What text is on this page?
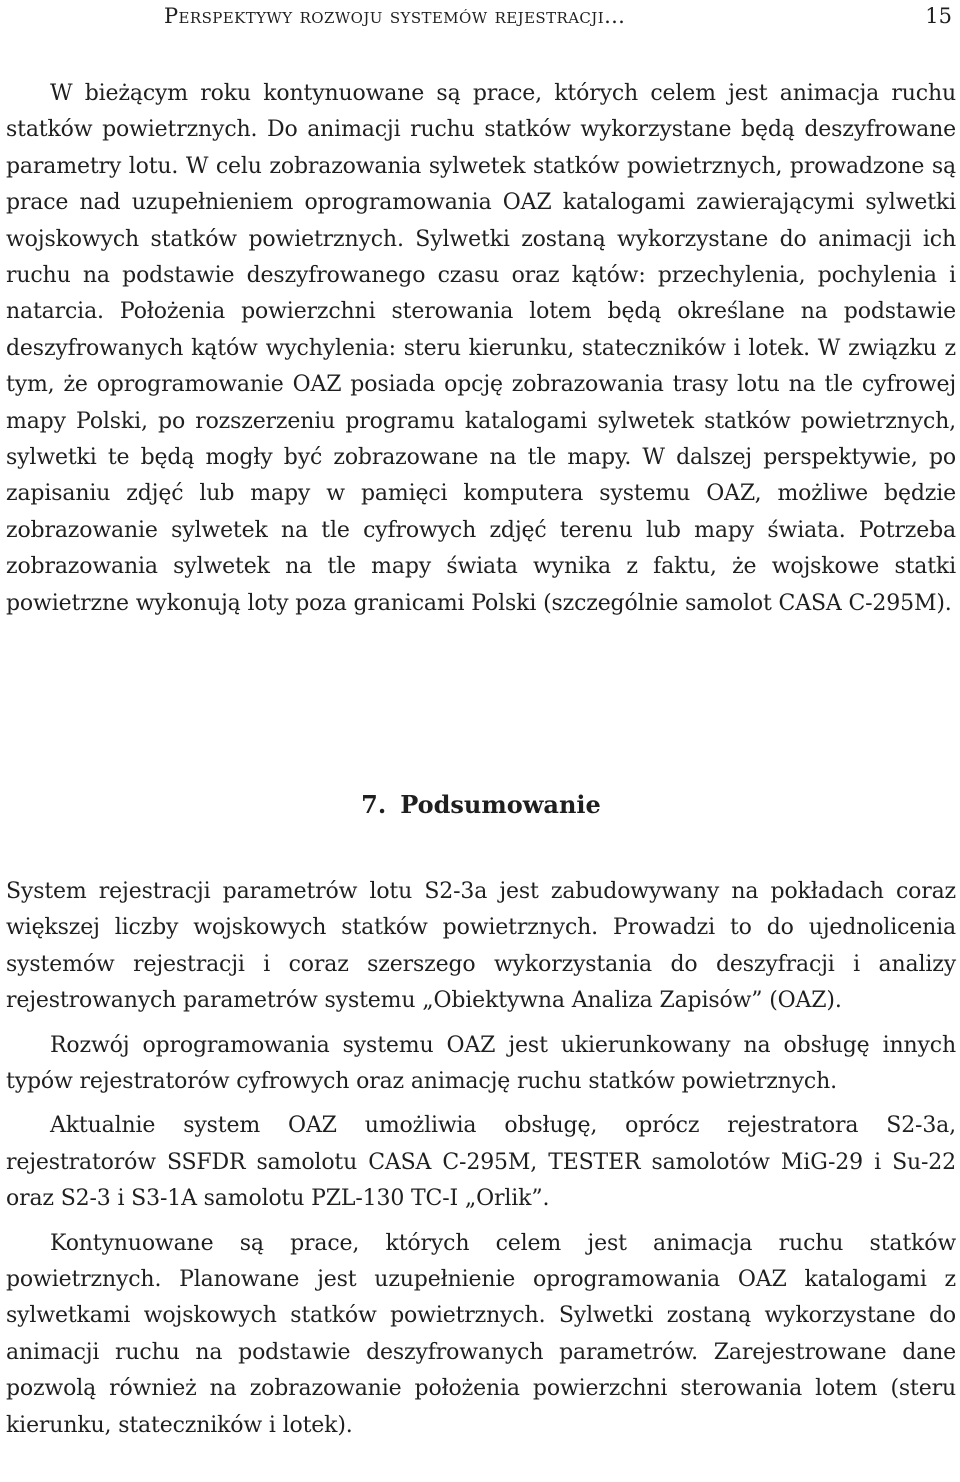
Perspektywy rozwoju systemów rejestracji…	15

W bieżącym roku kontynuowane są prace, których celem jest animacja ruchu statków powietrznych. Do animacji ruchu statków wykorzystane będą deszyfrowane parametry lotu. W celu zobrazowania sylwetek statków powietrznych, prowadzone są prace nad uzupełnieniem oprogramowania OAZ katalogami zawierającymi sylwetki wojskowych statków powietrznych. Sylwetki zostaną wykorzystane do animacji ich ruchu na podstawie deszyfrowanego czasu oraz kątów: przechylenia, pochylenia i natarcia. Położenia powierzchni sterowania lotem będą określane na podstawie deszyfrowanych kątów wychylenia: steru kierunku, stateczników i lotek. W związku z tym, że oprogramowanie OAZ posiada opcję zobrazowania trasy lotu na tle cyfrowej mapy Polski, po rozszerzeniu programu katalogami sylwetek statków powietrznych, sylwetki te będą mogły być zobrazowane na tle mapy. W dalszej perspektywie, po zapisaniu zdjęć lub mapy w pamięci komputera systemu OAZ, możliwe będzie zobrazowanie sylwetek na tle cyfrowych zdjęć terenu lub mapy świata. Potrzeba zobrazowania sylwetek na tle mapy świata wynika z faktu, że wojskowe statki powietrzne wykonują loty poza granicami Polski (szczególnie samolot CASA C-295M).

7. Podsumowanie

System rejestracji parametrów lotu S2-3a jest zabudowywany na pokładach coraz większej liczby wojskowych statków powietrznych. Prowadzi to do ujednolicenia systemów rejestracji i coraz szerszego wykorzystania do deszyfracji i analizy rejestrowanych parametrów systemu „Obiektywna Analiza Zapisów” (OAZ).

Rozwój oprogramowania systemu OAZ jest ukierunkowany na obsługę innych typów rejestratorów cyfrowych oraz animację ruchu statków powietrznych.

Aktualnie system OAZ umożliwia obsługę, oprócz rejestratora S2-3a, rejestratorów SSFDR samolotu CASA C-295M, TESTER samolotów MiG-29 i Su-22 oraz S2-3 i S3-1A samolotu PZL-130 TC-I „Orlik”.

Kontynuowane są prace, których celem jest animacja ruchu statków powietrznych. Planowane jest uzupełnienie oprogramowania OAZ katalogami z sylwetkami wojskowych statków powietrznych. Sylwetki zostaną wykorzystane do animacji ruchu na podstawie deszyfrowanych parametrów. Zarejestrowane dane pozwolą również na zobrazowanie położenia powierzchni sterowania lotem (steru kierunku, stateczników i lotek).
